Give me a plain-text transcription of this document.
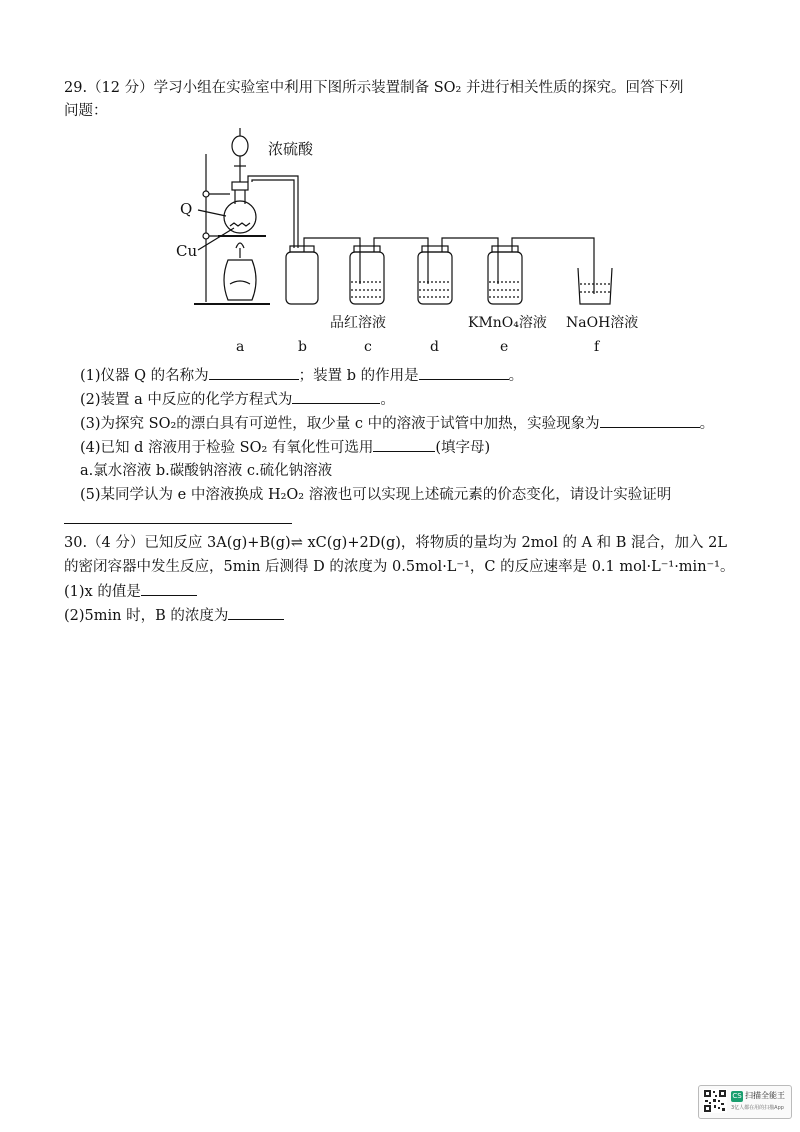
29.（12 分）学习小组在实验室中利用下图所示装置制备 SO₂ 并进行相关性质的探究。回答下列
问题：
浓硫酸
Q
Cu
品红溶液	KMnO₄溶液 NaOH溶液
a	b	c	d	e	f
(1)仪器 Q 的名称为	；装置 b 的作用是	。
(2)装置 a 中反应的化学方程式为	。
(3)为探究 SO₂的漂白具有可逆性，取少量 c 中的溶液于试管中加热，实验现象为	。
(4)已知 d 溶液用于检验 SO₂ 有氧化性可选用	(填字母)
a.氯水溶液 b.碳酸钠溶液 c.硫化钠溶液
(5)某同学认为 e 中溶液换成 H₂O₂ 溶液也可以实现上述硫元素的价态变化，请设计实验证明
30.（4 分）已知反应 3A(g)+B(g)⇌ xC(g)+2D(g)，将物质的量均为 2mol 的 A 和 B 混合，加入 2L
的密闭容器中发生反应，5min 后测得 D 的浓度为 0.5mol·L⁻¹，C 的反应速率是 0.1 mol·L⁻¹·min⁻¹。
(1)x 的值是
(2)5min 时，B 的浓度为
CS 扫描全能王
3亿人都在用的扫描App
